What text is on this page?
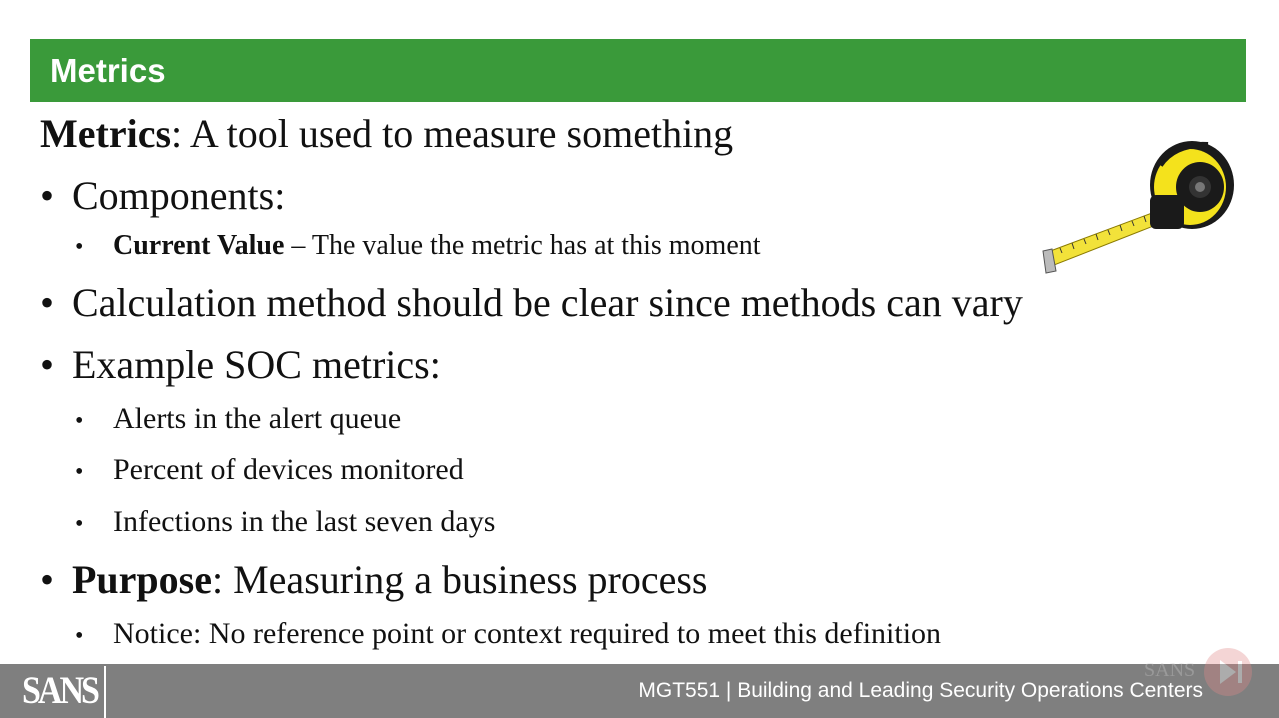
Metrics
Metrics: A tool used to measure something
• Components:
• Current Value – The value the metric has at this moment
• Calculation method should be clear since methods can vary
• Example SOC metrics:
• Alerts in the alert queue
• Percent of devices monitored
• Infections in the last seven days
• Purpose: Measuring a business process
• Notice: No reference point or context required to meet this definition
SANS	MGT551 | Building and Leading Security Operations Centers
SANS
